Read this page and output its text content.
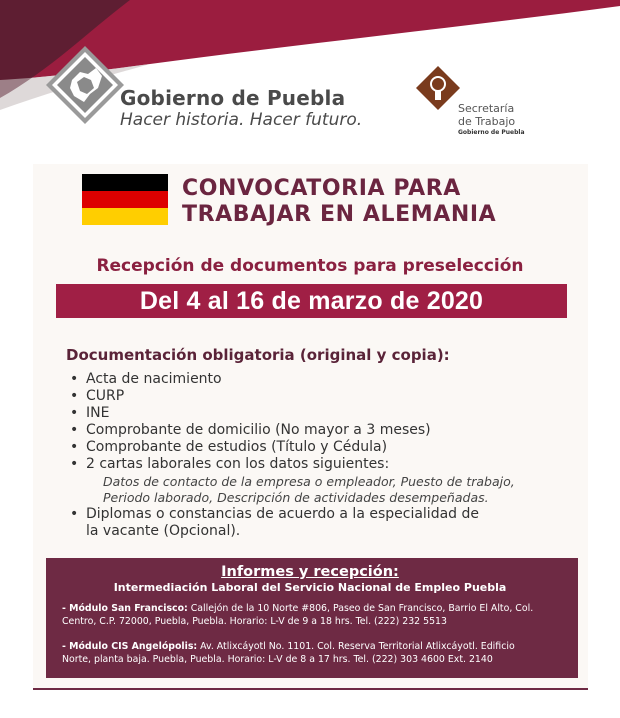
Gobierno de Puebla
Hacer historia. Hacer futuro.
Secretaría
de Trabajo
Gobierno de Puebla
CONVOCATORIA PARA
TRABAJAR EN ALEMANIA
Recepción de documentos para preselección
Del 4 al 16 de marzo de 2020
Documentación obligatoria (original y copia):
• Acta de nacimiento
• CURP
• INE
• Comprobante de domicilio (No mayor a 3 meses)
• Comprobante de estudios (Título y Cédula)
• 2 cartas laborales con los datos siguientes:
Datos de contacto de la empresa o empleador, Puesto de trabajo,
Periodo laborado, Descripción de actividades desempeñadas.
• Diplomas o constancias de acuerdo a la especialidad de
la vacante (Opcional).
Informes y recepción:
Intermediación Laboral del Servicio Nacional de Empleo Puebla
- Módulo San Francisco: Callejón de la 10 Norte #806, Paseo de San Francisco, Barrio El Alto, Col.
Centro, C.P. 72000, Puebla, Puebla. Horario: L-V de 9 a 18 hrs. Tel. (222) 232 5513
- Módulo CIS Angelópolis: Av. Atlixcáyotl No. 1101. Col. Reserva Territorial Atlixcáyotl. Edificio
Norte, planta baja. Puebla, Puebla. Horario: L-V de 8 a 17 hrs. Tel. (222) 303 4600 Ext. 2140
